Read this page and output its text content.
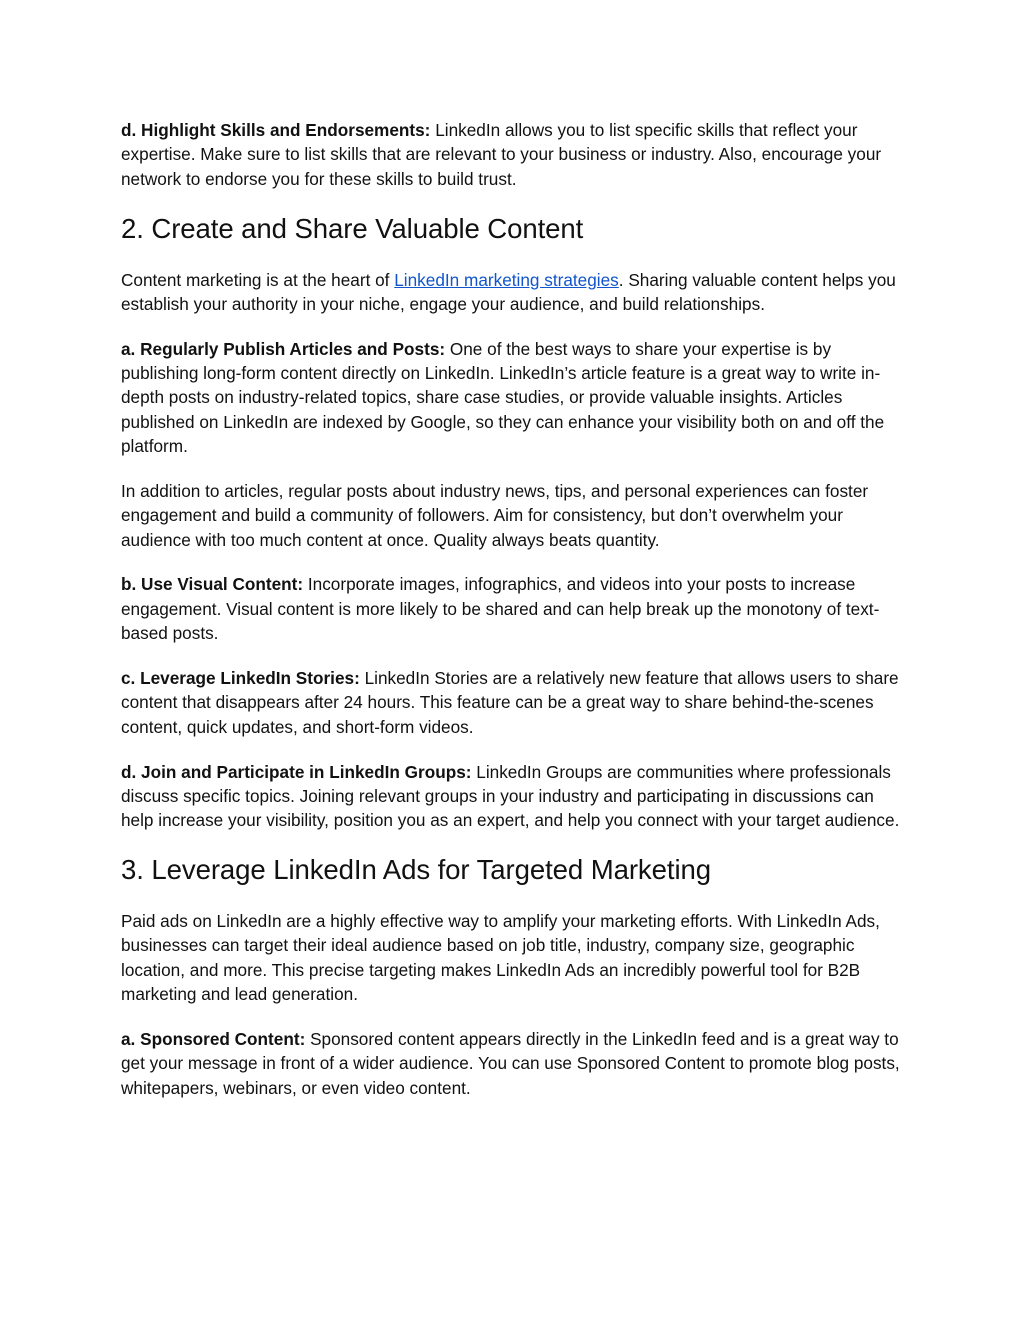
d. Highlight Skills and Endorsements: LinkedIn allows you to list specific skills that reflect your expertise. Make sure to list skills that are relevant to your business or industry. Also, encourage your network to endorse you for these skills to build trust.

2. Create and Share Valuable Content

Content marketing is at the heart of LinkedIn marketing strategies. Sharing valuable content helps you establish your authority in your niche, engage your audience, and build relationships.

a. Regularly Publish Articles and Posts: One of the best ways to share your expertise is by publishing long-form content directly on LinkedIn. LinkedIn’s article feature is a great way to write in-depth posts on industry-related topics, share case studies, or provide valuable insights. Articles published on LinkedIn are indexed by Google, so they can enhance your visibility both on and off the platform.

In addition to articles, regular posts about industry news, tips, and personal experiences can foster engagement and build a community of followers. Aim for consistency, but don’t overwhelm your audience with too much content at once. Quality always beats quantity.

b. Use Visual Content: Incorporate images, infographics, and videos into your posts to increase engagement. Visual content is more likely to be shared and can help break up the monotony of text-based posts.

c. Leverage LinkedIn Stories: LinkedIn Stories are a relatively new feature that allows users to share content that disappears after 24 hours. This feature can be a great way to share behind-the-scenes content, quick updates, and short-form videos.

d. Join and Participate in LinkedIn Groups: LinkedIn Groups are communities where professionals discuss specific topics. Joining relevant groups in your industry and participating in discussions can help increase your visibility, position you as an expert, and help you connect with your target audience.

3. Leverage LinkedIn Ads for Targeted Marketing

Paid ads on LinkedIn are a highly effective way to amplify your marketing efforts. With LinkedIn Ads, businesses can target their ideal audience based on job title, industry, company size, geographic location, and more. This precise targeting makes LinkedIn Ads an incredibly powerful tool for B2B marketing and lead generation.

a. Sponsored Content: Sponsored content appears directly in the LinkedIn feed and is a great way to get your message in front of a wider audience. You can use Sponsored Content to promote blog posts, whitepapers, webinars, or even video content.
